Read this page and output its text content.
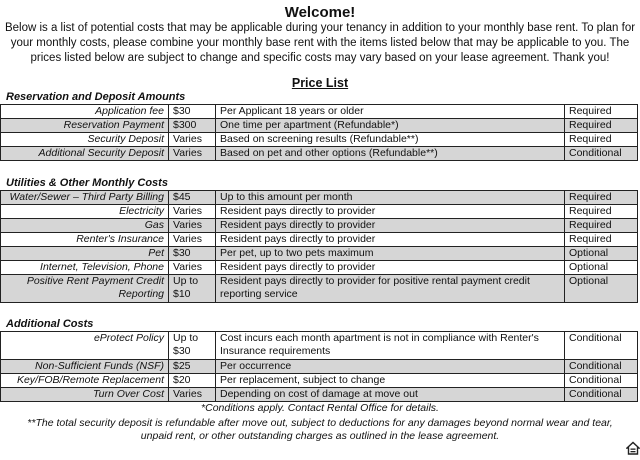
Welcome!
Below is a list of potential costs that may be applicable during your tenancy in addition to your monthly base rent. To plan for
your monthly costs, please combine your monthly base rent with the items listed below that may be applicable to you. The
prices listed below are subject to change and specific costs may vary based on your lease agreement. Thank you!
Price List
Reservation and Deposit Amounts
Application fee	$30	Per Applicant 18 years or older	Required
Reservation Payment	$300	One time per apartment (Refundable*)	Required
Security Deposit	Varies	Based on screening results (Refundable**)	Required
Additional Security Deposit	Varies	Based on pet and other options (Refundable**)	Conditional
Utilities & Other Monthly Costs
Water/Sewer – Third Party Billing	$45	Up to this amount per month	Required
Electricity	Varies	Resident pays directly to provider	Required
Gas	Varies	Resident pays directly to provider	Required
Renter's Insurance	Varies	Resident pays directly to provider	Required
Pet	$30	Per pet, up to two pets maximum	Optional
Internet, Television, Phone	Varies	Resident pays directly to provider	Optional
Positive Rent Payment Credit Reporting	Up to $10	Resident pays directly to provider for positive rental payment credit reporting service	Optional
Additional Costs
eProtect Policy	Up to $30	Cost incurs each month apartment is not in compliance with Renter's Insurance requirements	Conditional
Non-Sufficient Funds (NSF)	$25	Per occurrence	Conditional
Key/FOB/Remote Replacement	$20	Per replacement, subject to change	Conditional
Turn Over Cost	Varies	Depending on cost of damage at move out	Conditional
*Conditions apply. Contact Rental Office for details.
**The total security deposit is refundable after move out, subject to deductions for any damages beyond normal wear and tear,
unpaid rent, or other outstanding charges as outlined in the lease agreement.
